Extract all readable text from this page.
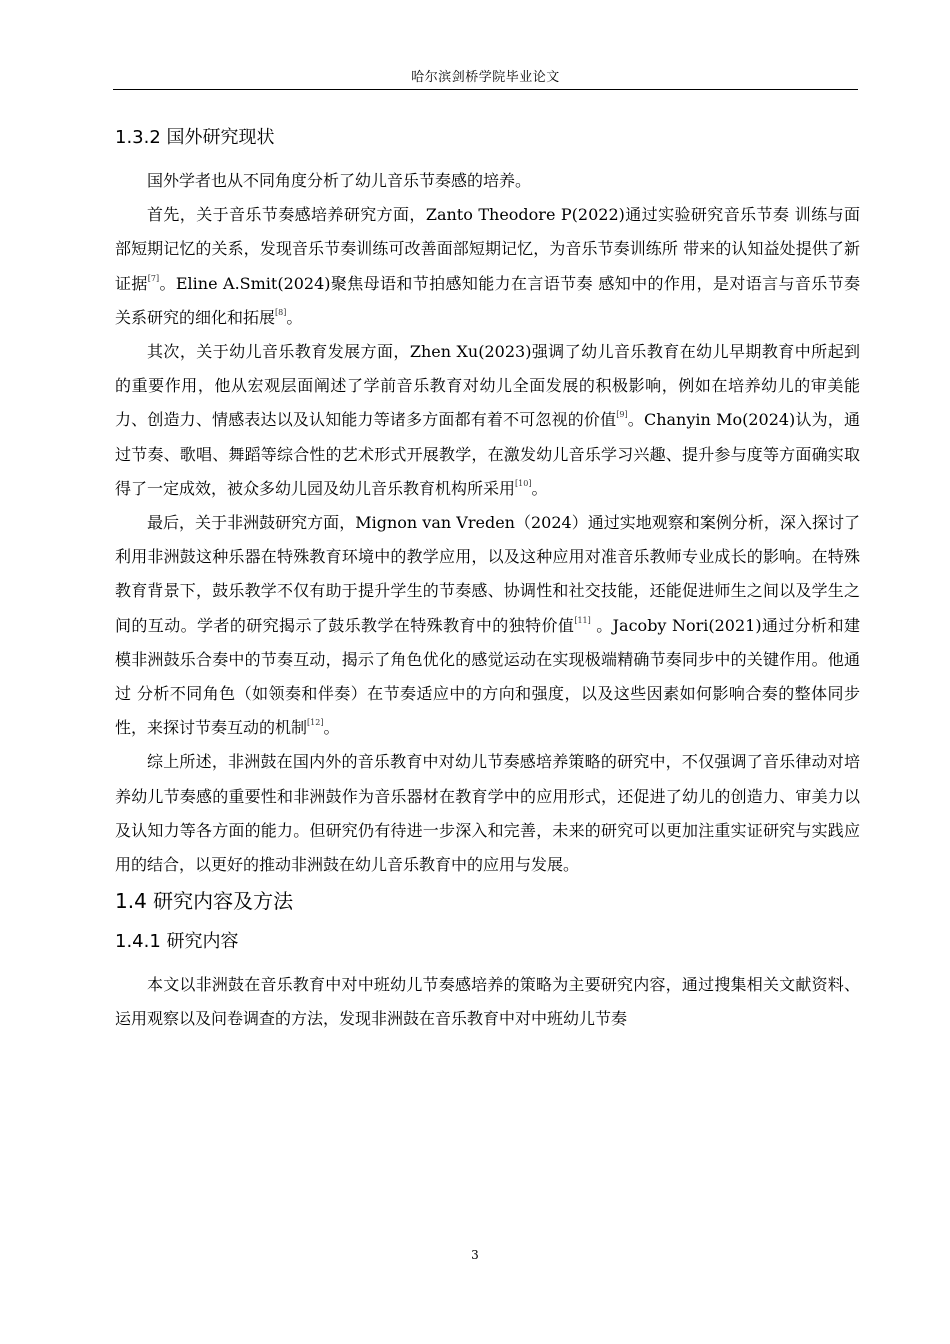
哈尔滨剑桥学院毕业论文
1.3.2 国外研究现状

国外学者也从不同角度分析了幼儿音乐节奏感的培养。

首先，关于音乐节奏感培养研究方面，Zanto Theodore P(2022)通过实验研究音乐节奏 训练与面部短期记忆的关系，发现音乐节奏训练可改善面部短期记忆，为音乐节奏训练所 带来的认知益处提供了新证据[7]。Eline A.Smit(2024)聚焦母语和节拍感知能力在言语节奏 感知中的作用，是对语言与音乐节奏关系研究的细化和拓展[8]。

其次，关于幼儿音乐教育发展方面，Zhen Xu(2023)强调了幼儿音乐教育在幼儿早期教育中所起到的重要作用，他从宏观层面阐述了学前音乐教育对幼儿全面发展的积极影响，例如在培养幼儿的审美能力、创造力、情感表达以及认知能力等诸多方面都有着不可忽视的价值[9]。Chanyin Mo(2024)认为，通过节奏、歌唱、舞蹈等综合性的艺术形式开展教学，在激发幼儿音乐学习兴趣、提升参与度等方面确实取得了一定成效，被众多幼儿园及幼儿音乐教育机构所采用[10]。

最后，关于非洲鼓研究方面，Mignon van Vreden（2024）通过实地观察和案例分析，深入探讨了利用非洲鼓这种乐器在特殊教育环境中的教学应用，以及这种应用对准音乐教师专业成长的影响。在特殊教育背景下，鼓乐教学不仅有助于提升学生的节奏感、协调性和社交技能，还能促进师生之间以及学生之间的互动。学者的研究揭示了鼓乐教学在特殊教育中的独特价值[11] 。Jacoby Nori(2021)通过分析和建模非洲鼓乐合奏中的节奏互动，揭示了角色优化的感觉运动在实现极端精确节奏同步中的关键作用。他通过 分析不同角色（如领奏和伴奏）在节奏适应中的方向和强度，以及这些因素如何影响合奏的整体同步性，来探讨节奏互动的机制[12]。

综上所述，非洲鼓在国内外的音乐教育中对幼儿节奏感培养策略的研究中，不仅强调了音乐律动对培养幼儿节奏感的重要性和非洲鼓作为音乐器材在教育学中的应用形式，还促进了幼儿的创造力、审美力以及认知力等各方面的能力。但研究仍有待进一步深入和完善，未来的研究可以更加注重实证研究与实践应用的结合，以更好的推动非洲鼓在幼儿音乐教育中的应用与发展。

1.4 研究内容及方法
1.4.1 研究内容

本文以非洲鼓在音乐教育中对中班幼儿节奏感培养的策略为主要研究内容，通过搜集相关文献资料、运用观察以及问卷调查的方法，发现非洲鼓在音乐教育中对中班幼儿节奏

3
